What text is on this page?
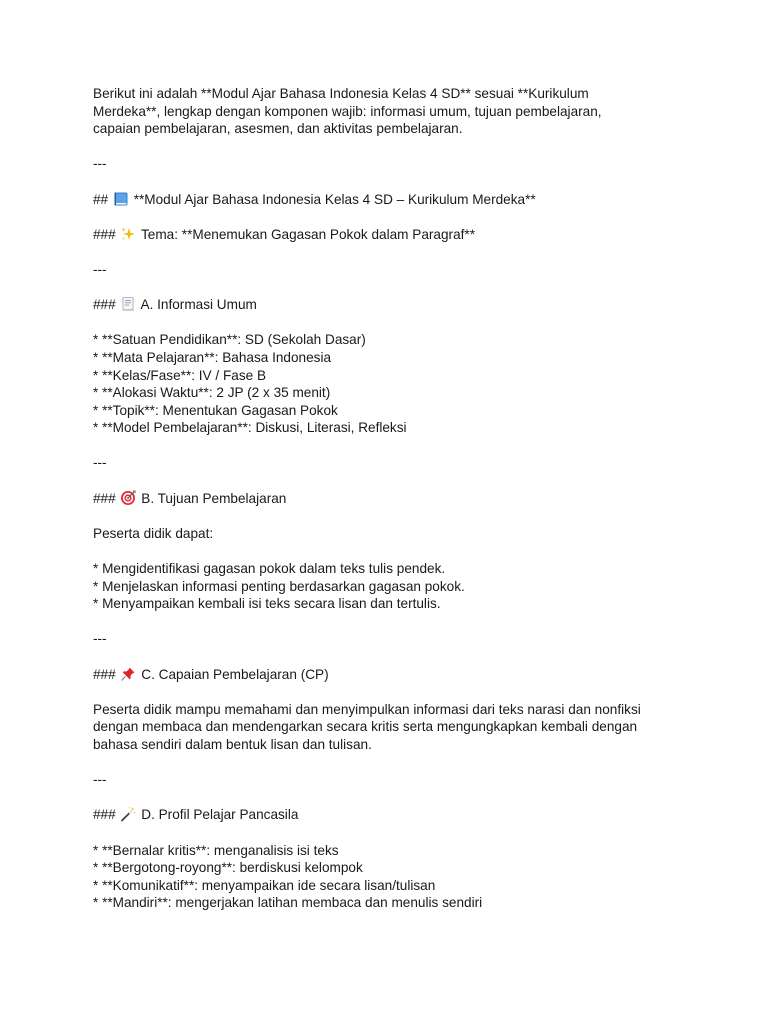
Berikut ini adalah **Modul Ajar Bahasa Indonesia Kelas 4 SD** sesuai **Kurikulum
Merdeka**, lengkap dengan komponen wajib: informasi umum, tujuan pembelajaran,
capaian pembelajaran, asesmen, dan aktivitas pembelajaran.

---
## **Modul Ajar Bahasa Indonesia Kelas 4 SD – Kurikulum Merdeka**
### Tema: **Menemukan Gagasan Pokok dalam Paragraf**
---
### A. Informasi Umum
* **Satuan Pendidikan**: SD (Sekolah Dasar)
* **Mata Pelajaran**: Bahasa Indonesia
* **Kelas/Fase**: IV / Fase B
* **Alokasi Waktu**: 2 JP (2 x 35 menit)
* **Topik**: Menentukan Gagasan Pokok
* **Model Pembelajaran**: Diskusi, Literasi, Refleksi
---
### B. Tujuan Pembelajaran
Peserta didik dapat:
* Mengidentifikasi gagasan pokok dalam teks tulis pendek.
* Menjelaskan informasi penting berdasarkan gagasan pokok.
* Menyampaikan kembali isi teks secara lisan dan tertulis.
---
### C. Capaian Pembelajaran (CP)

Peserta didik mampu memahami dan menyimpulkan informasi dari teks narasi dan nonfiksi
dengan membaca dan mendengarkan secara kritis serta mengungkapkan kembali dengan
bahasa sendiri dalam bentuk lisan dan tulisan.

---
### D. Profil Pelajar Pancasila
* **Bernalar kritis**: menganalisis isi teks
* **Bergotong-royong**: berdiskusi kelompok
* **Komunikatif**: menyampaikan ide secara lisan/tulisan
* **Mandiri**: mengerjakan latihan membaca dan menulis sendiri
